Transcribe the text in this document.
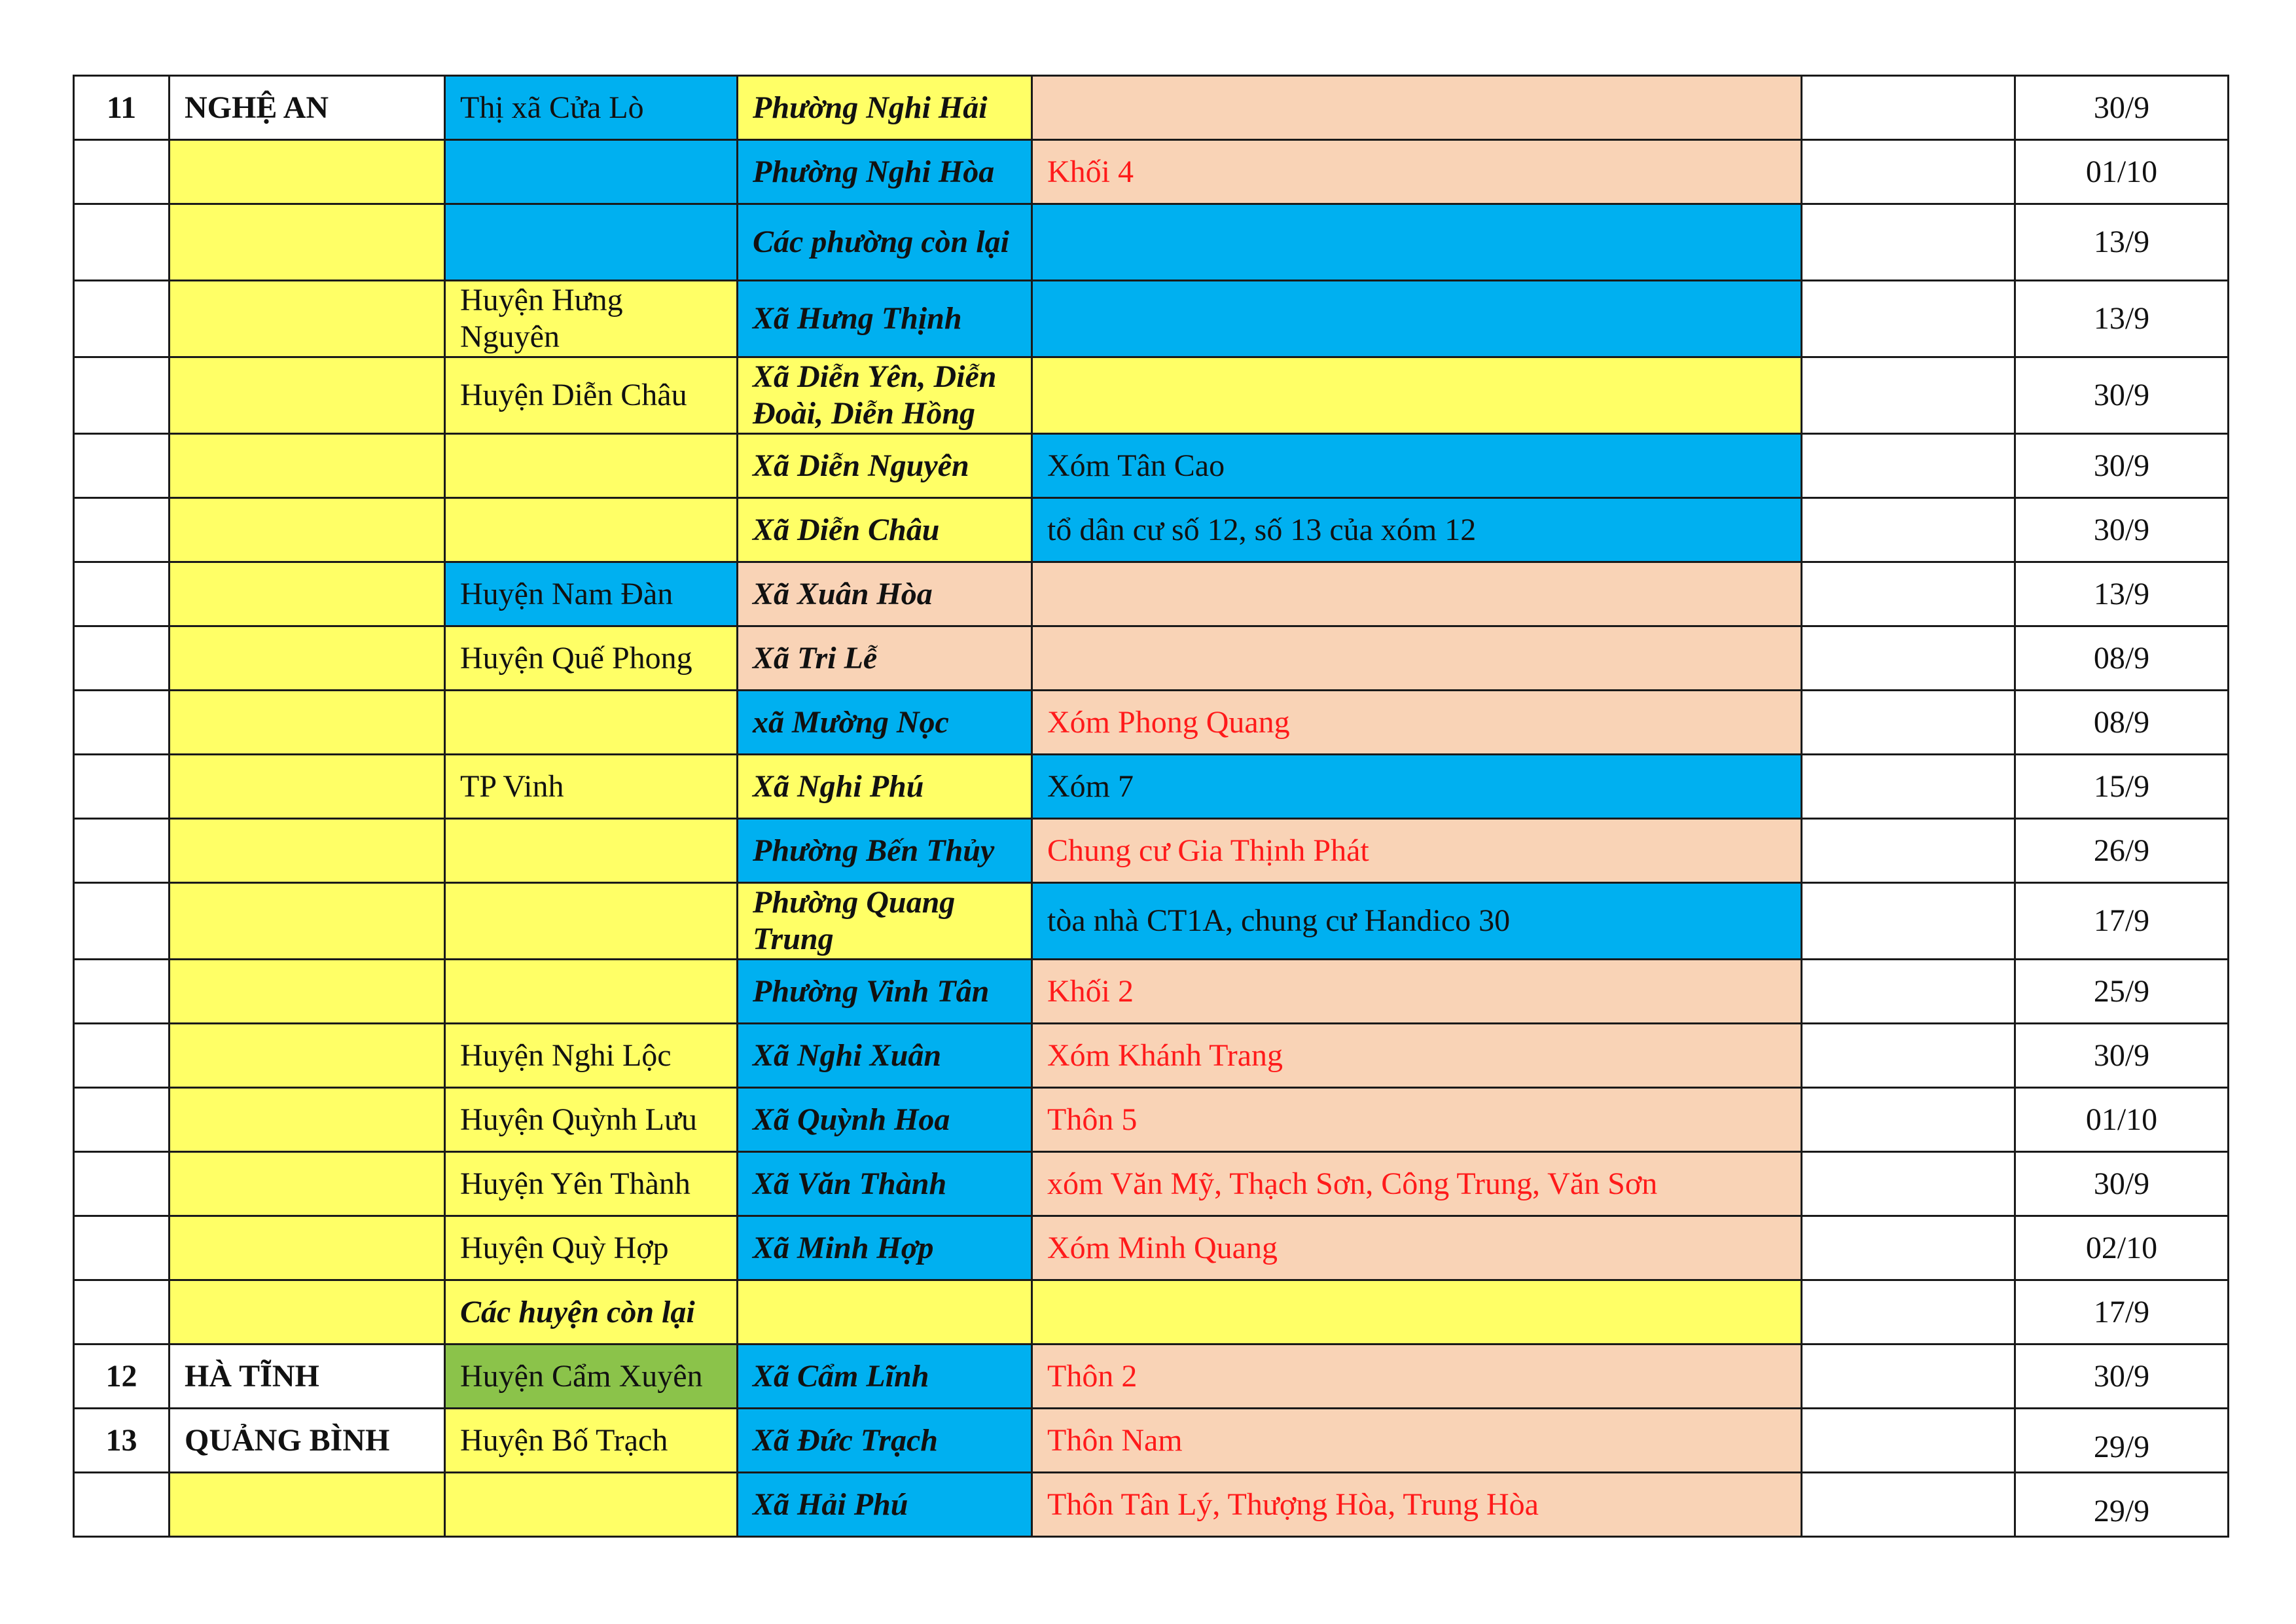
11	NGHỆ AN	Thị xã Cửa Lò	Phường Nghi Hải			30/9
			Phường Nghi Hòa	Khối 4		01/10
			Các phường còn lại			13/9
		Huyện Hưng Nguyên	Xã Hưng Thịnh			13/9
		Huyện Diễn Châu	Xã Diễn Yên, Diễn Đoài, Diễn Hồng			30/9
			Xã Diễn Nguyên	Xóm Tân Cao		30/9
			Xã Diễn Châu	tổ dân cư số 12, số 13 của xóm 12		30/9
		Huyện Nam Đàn	Xã Xuân Hòa			13/9
		Huyện Quế Phong	Xã Tri Lễ			08/9
			xã Mường Nọc	Xóm Phong Quang		08/9
		TP Vinh	Xã Nghi Phú	Xóm 7		15/9
			Phường Bến Thủy	Chung cư Gia Thịnh Phát		26/9
			Phường Quang Trung	tòa nhà CT1A, chung cư Handico 30		17/9
			Phường Vinh Tân	Khối 2		25/9
		Huyện Nghi Lộc	Xã Nghi Xuân	Xóm Khánh Trang		30/9
		Huyện Quỳnh Lưu	Xã Quỳnh Hoa	Thôn 5		01/10
		Huyện Yên Thành	Xã Văn Thành	xóm Văn Mỹ, Thạch Sơn, Công Trung, Văn Sơn		30/9
		Huyện Quỳ Hợp	Xã Minh Hợp	Xóm Minh Quang		02/10
		Các huyện còn lại				17/9
12	HÀ TĨNH	Huyện Cẩm Xuyên	Xã Cẩm Lĩnh	Thôn 2		30/9
13	QUẢNG BÌNH	Huyện Bố Trạch	Xã Đức Trạch	Thôn Nam		29/9
			Xã Hải Phú	Thôn Tân Lý, Thượng Hòa, Trung Hòa		29/9
